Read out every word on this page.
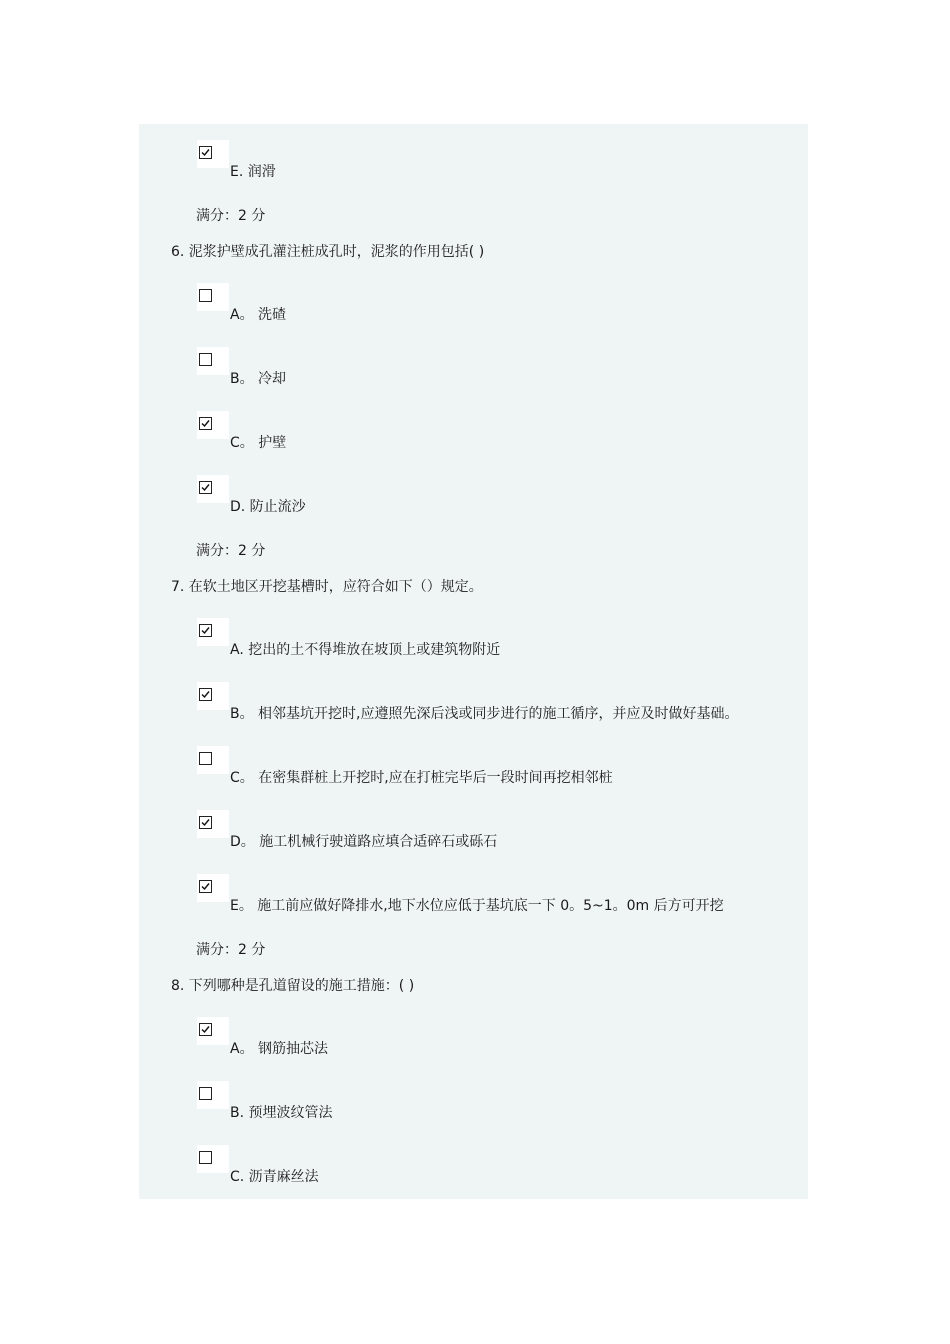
E. 润滑
满分：2 分
6. 泥浆护壁成孔灌注桩成孔时，泥浆的作用包括( )
A。 洗碴
B。 冷却
C。 护壁
D. 防止流沙
满分：2 分
7. 在软土地区开挖基槽时，应符合如下（）规定。
A. 挖出的土不得堆放在坡顶上或建筑物附近
B。 相邻基坑开挖时,应遵照先深后浅或同步进行的施工循序，并应及时做好基础。
C。 在密集群桩上开挖时,应在打桩完毕后一段时间再挖相邻桩
D。 施工机械行驶道路应填合适碎石或砾石
E。 施工前应做好降排水,地下水位应低于基坑底一下 0。5~1。0m 后方可开挖
满分：2 分
8. 下列哪种是孔道留设的施工措施：( )
A。 钢筋抽芯法
B. 预埋波纹管法
C. 沥青麻丝法
